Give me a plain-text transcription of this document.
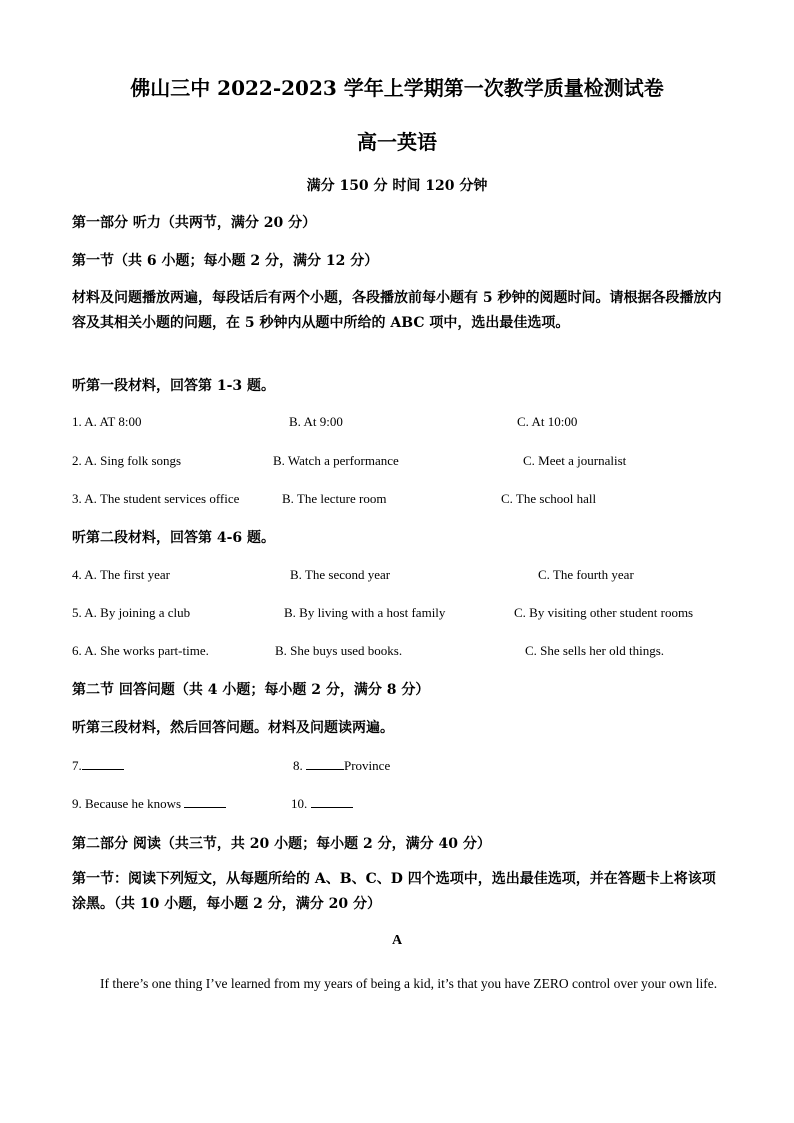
佛山三中 2022-2023 学年上学期第一次教学质量检测试卷
高一英语
满分 150 分 时间 120 分钟
第一部分 听力（共两节，满分 20 分）
第一节（共 6 小题；每小题 2 分，满分 12 分）
材料及问题播放两遍，每段话后有两个小题，各段播放前每小题有 5 秒钟的阅题时间。请根据各段播放内容及其相关小题的问题，在 5 秒钟内从题中所给的 ABC 项中，选出最佳选项。
听第一段材料，回答第 1-3 题。
1. A. AT 8:00	B. At 9:00	C. At 10:00
2. A. Sing folk songs	B. Watch a performance	C. Meet a journalist
3. A. The student services office	B. The lecture room	C. The school hall
听第二段材料，回答第 4-6 题。
4. A. The first year	B. The second year	C. The fourth year
5. A. By joining a club	B. By living with a host family	C. By visiting other student rooms
6. A. She works part-time.	B. She buys used books.	C. She sells her old things.
第二节 回答问题（共 4 小题；每小题 2 分，满分 8 分）
听第三段材料，然后回答问题。材料及问题读两遍。
7.	8.	Province
9. Because he knows	10.
第二部分 阅读（共三节，共 20 小题；每小题 2 分，满分 40 分）
第一节：阅读下列短文，从每题所给的 A、B、C、D 四个选项中，选出最佳选项，并在答题卡上将该项涂黑。（共 10 小题，每小题 2 分，满分 20 分）
A
If there’s one thing I’ve learned from my years of being a kid, it’s that you have ZERO control over your own life.
